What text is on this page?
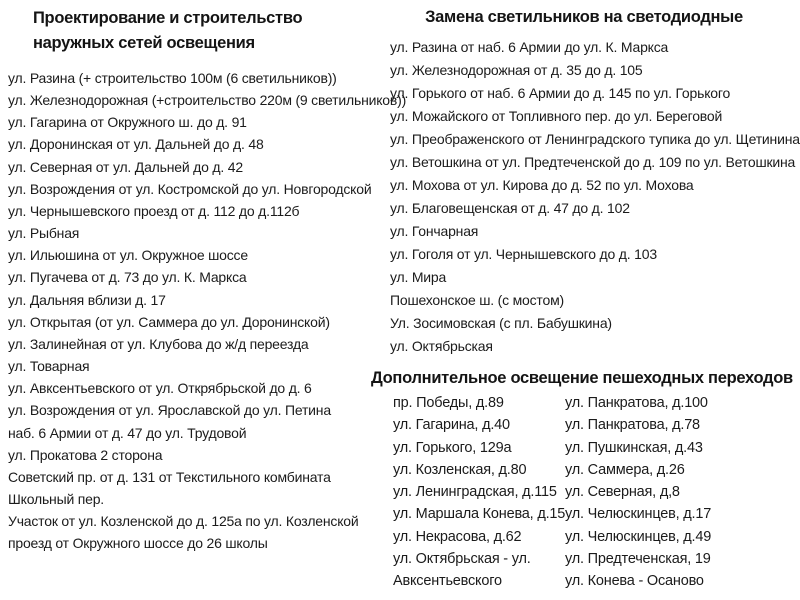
Проектирование и строительство
наружных сетей освещения
ул. Разина (+ строительство 100м (6 светильников))
ул. Железнодорожная (+строительство 220м (9 светильников))
ул. Гагарина от Окружного ш. до д. 91
ул. Доронинская от ул. Дальней до д. 48
ул. Северная от ул. Дальней до д. 42
ул. Возрождения от ул. Костромской до ул. Новгородской
ул. Чернышевского проезд от д. 112 до д.112б
ул. Рыбная
ул. Ильюшина от ул. Окружное шоссе
ул. Пугачева от д. 73 до ул. К. Маркса
ул. Дальняя вблизи д. 17
ул. Открытая (от ул. Саммера до ул. Доронинской)
ул. Залинейная от ул. Клубова до ж/д переезда
ул. Товарная
ул. Авксентьевского от ул. Открябрьской до д. 6
ул. Возрождения от ул. Ярославской до ул. Петина
наб. 6 Армии от д. 47 до ул. Трудовой
ул. Прокатова 2 сторона
Советский пр. от д. 131 от Текстильного комбината
Школьный пер.
Участок от ул. Козленской до д. 125а по ул. Козленской
проезд от Окружного шоссе до 26 школы
Замена светильников на светодиодные
ул. Разина от наб. 6 Армии до ул. К. Маркса
ул. Железнодорожная от д. 35 до д. 105
ул. Горького от наб. 6 Армии до д. 145 по ул. Горького
ул. Можайского от Топливного пер. до ул. Береговой
ул. Преображенского от Ленинградского тупика до ул. Щетинина
ул. Ветошкина от ул. Предтеченской до д. 109 по ул. Ветошкина
ул. Мохова от ул. Кирова до д. 52 по ул. Мохова
ул. Благовещенская от д. 47 до д. 102
ул. Гончарная
ул. Гоголя от ул. Чернышевского до д. 103
ул. Мира
Пошехонское ш. (с мостом)
Ул. Зосимовская (с пл. Бабушкина)
ул. Октябрьская
Дополнительное освещение пешеходных переходов
пр. Победы, д.89
ул. Гагарина, д.40
ул. Горького, 129а
ул. Козленская, д.80
ул. Ленинградская, д.115
ул. Маршала Конева, д.15
ул. Некрасова, д.62
ул. Октябрьская - ул.
Авксентьевского
ул. Панкратова, д.100
ул. Панкратова, д.78
ул. Пушкинская, д.43
ул. Саммера, д.26
ул. Северная, д,8
ул. Челюскинцев, д.17
ул. Челюскинцев, д.49
ул. Предтеченская, 19
ул. Конева - Осаново
